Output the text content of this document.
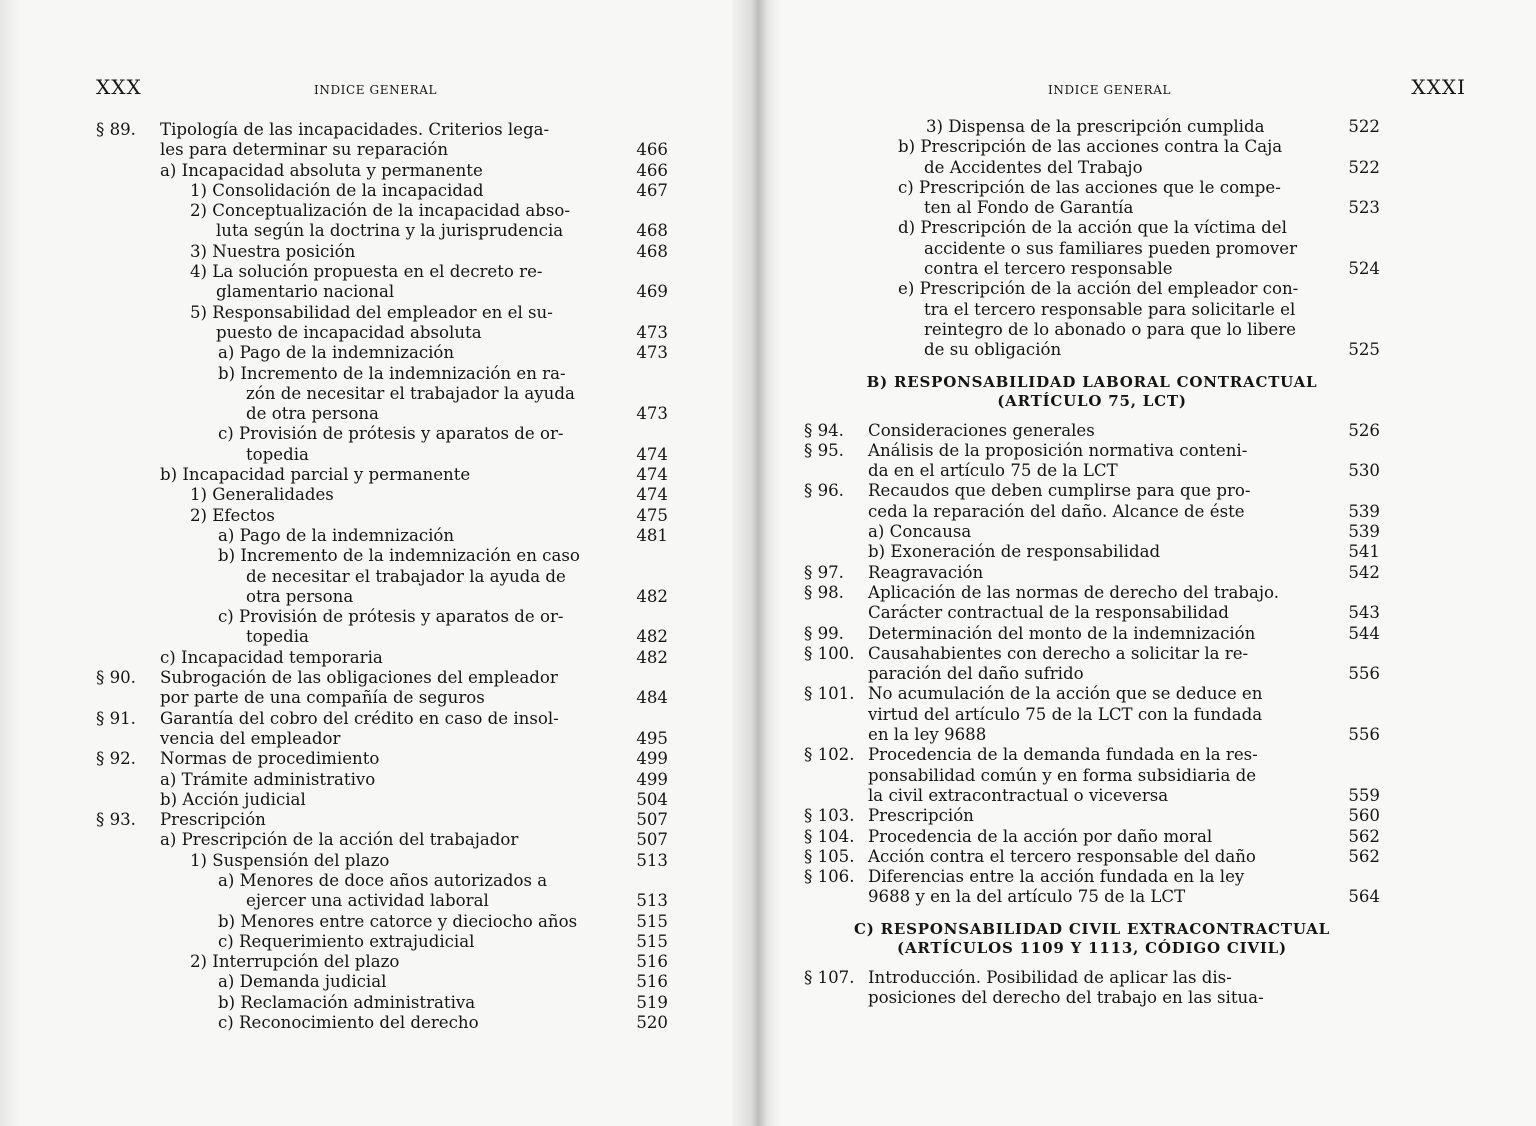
XXX	INDICE GENERAL
§ 89. Tipología de las incapacidades. Criterios lega-
les para determinar su reparación	466
a) Incapacidad absoluta y permanente	466
1) Consolidación de la incapacidad	467
2) Conceptualización de la incapacidad abso-
luta según la doctrina y la jurisprudencia	468
3) Nuestra posición	468
4) La solución propuesta en el decreto re-
glamentario nacional	469
5) Responsabilidad del empleador en el su-
puesto de incapacidad absoluta	473
a) Pago de la indemnización	473
b) Incremento de la indemnización en ra-
zón de necesitar el trabajador la ayuda
de otra persona	473
c) Provisión de prótesis y aparatos de or-
topedia	474
b) Incapacidad parcial y permanente	474
1) Generalidades	474
2) Efectos	475
a) Pago de la indemnización	481
b) Incremento de la indemnización en caso
de necesitar el trabajador la ayuda de
otra persona	482
c) Provisión de prótesis y aparatos de or-
topedia	482
c) Incapacidad temporaria	482
§ 90. Subrogación de las obligaciones del empleador
por parte de una compañía de seguros	484
§ 91. Garantía del cobro del crédito en caso de insol-
vencia del empleador	495
§ 92. Normas de procedimiento	499
a) Trámite administrativo	499
b) Acción judicial	504
§ 93. Prescripción	507
a) Prescripción de la acción del trabajador	507
1) Suspensión del plazo	513
a) Menores de doce años autorizados a
ejercer una actividad laboral	513
b) Menores entre catorce y dieciocho años	515
c) Requerimiento extrajudicial	515
2) Interrupción del plazo	516
a) Demanda judicial	516
b) Reclamación administrativa	519
c) Reconocimiento del derecho	520
INDICE GENERAL	XXXI
3) Dispensa de la prescripción cumplida	522
b) Prescripción de las acciones contra la Caja
de Accidentes del Trabajo	522
c) Prescripción de las acciones que le compe-
ten al Fondo de Garantía	523
d) Prescripción de la acción que la víctima del
accidente o sus familiares pueden promover
contra el tercero responsable	524
e) Prescripción de la acción del empleador con-
tra el tercero responsable para solicitarle el
reintegro de lo abonado o para que lo libere
de su obligación	525
B) RESPONSABILIDAD LABORAL CONTRACTUAL
(ARTÍCULO 75, LCT)
§ 94. Consideraciones generales	526
§ 95. Análisis de la proposición normativa conteni-
da en el artículo 75 de la LCT	530
§ 96. Recaudos que deben cumplirse para que pro-
ceda la reparación del daño. Alcance de éste	539
a) Concausa	539
b) Exoneración de responsabilidad	541
§ 97. Reagravación	542
§ 98. Aplicación de las normas de derecho del trabajo.
Carácter contractual de la responsabilidad	543
§ 99. Determinación del monto de la indemnización	544
§ 100. Causahabientes con derecho a solicitar la re-
paración del daño sufrido	556
§ 101. No acumulación de la acción que se deduce en
virtud del artículo 75 de la LCT con la fundada
en la ley 9688	556
§ 102. Procedencia de la demanda fundada en la res-
ponsabilidad común y en forma subsidiaria de
la civil extracontractual o viceversa	559
§ 103. Prescripción	560
§ 104. Procedencia de la acción por daño moral	562
§ 105. Acción contra el tercero responsable del daño	562
§ 106. Diferencias entre la acción fundada en la ley
9688 y en la del artículo 75 de la LCT	564
C) RESPONSABILIDAD CIVIL EXTRACONTRACTUAL
(ARTÍCULOS 1109 Y 1113, CÓDIGO CIVIL)
§ 107. Introducción. Posibilidad de aplicar las dis-
posiciones del derecho del trabajo en las situa-
